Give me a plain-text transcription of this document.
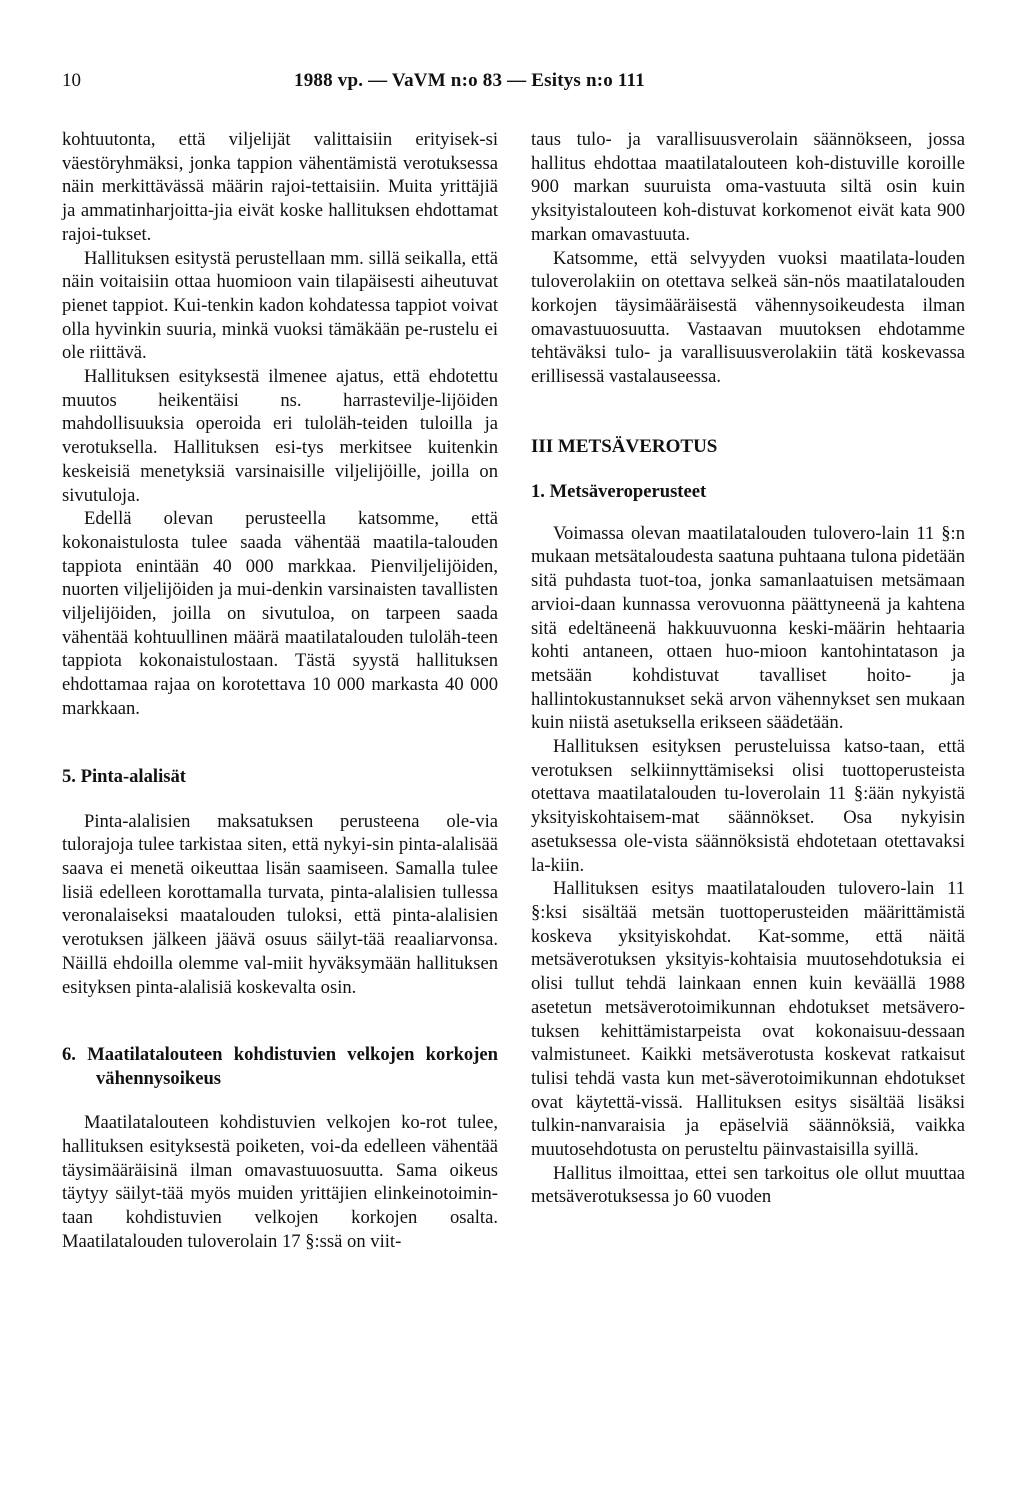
10	1988 vp. — VaVM n:o 83 — Esitys n:o 111

kohtuutonta, että viljelijät valittaisiin erityisek-si väestöryhmäksi, jonka tappion vähentämistä verotuksessa näin merkittävässä määrin rajoi-tettaisiin. Muita yrittäjiä ja ammatinharjoitta-jia eivät koske hallituksen ehdottamat rajoi-tukset.

Hallituksen esitystä perustellaan mm. sillä seikalla, että näin voitaisiin ottaa huomioon vain tilapäisesti aiheutuvat pienet tappiot. Kui-tenkin kadon kohdatessa tappiot voivat olla hyvinkin suuria, minkä vuoksi tämäkään pe-rustelu ei ole riittävä.

Hallituksen esityksestä ilmenee ajatus, että ehdotettu muutos heikentäisi ns. harrastevilje-lijöiden mahdollisuuksia operoida eri tuloläh-teiden tuloilla ja verotuksella. Hallituksen esi-tys merkitsee kuitenkin keskeisiä menetyksiä varsinaisille viljelijöille, joilla on sivutuloja.

Edellä olevan perusteella katsomme, että kokonaistulosta tulee saada vähentää maatila-talouden tappiota enintään 40 000 markkaa. Pienviljelijöiden, nuorten viljelijöiden ja mui-denkin varsinaisten tavallisten viljelijöiden, joilla on sivutuloa, on tarpeen saada vähentää kohtuullinen määrä maatilatalouden tuloläh-teen tappiota kokonaistulostaan. Tästä syystä hallituksen ehdottamaa rajaa on korotettava 10 000 markasta 40 000 markkaan.

5. Pinta-alalisät

Pinta-alalisien maksatuksen perusteena ole-via tulorajoja tulee tarkistaa siten, että nykyi-sin pinta-alalisää saava ei menetä oikeuttaa lisän saamiseen. Samalla tulee lisiä edelleen korottamalla turvata, pinta-alalisien tullessa veronalaiseksi maatalouden tuloksi, että pinta-alalisien verotuksen jälkeen jäävä osuus säilyt-tää reaaliarvonsa. Näillä ehdoilla olemme val-miit hyväksymään hallituksen esityksen pinta-alalisiä koskevalta osin.

6. Maatilatalouteen kohdistuvien velkojen korkojen vähennysoikeus

Maatilatalouteen kohdistuvien velkojen ko-rot tulee, hallituksen esityksestä poiketen, voi-da edelleen vähentää täysimääräisinä ilman omavastuuosuutta. Sama oikeus täytyy säilyt-tää myös muiden yrittäjien elinkeinotoimin-taan kohdistuvien velkojen korkojen osalta. Maatilatalouden tuloverolain 17 §:ssä on viit-

taus tulo- ja varallisuusverolain säännökseen, jossa hallitus ehdottaa maatilatalouteen koh-distuville koroille 900 markan suuruista oma-vastuuta siltä osin kuin yksityistalouteen koh-distuvat korkomenot eivät kata 900 markan omavastuuta.

Katsomme, että selvyyden vuoksi maatilata-louden tuloverolakiin on otettava selkeä sän-nös maatilatalouden korkojen täysimääräisestä vähennysoikeudesta ilman omavastuuosuutta. Vastaavan muutoksen ehdotamme tehtäväksi tulo- ja varallisuusverolakiin tätä koskevassa erillisessä vastalauseessa.

III METSÄVEROTUS
1. Metsäveroperusteet

Voimassa olevan maatilatalouden tulovero-lain 11 §:n mukaan metsätaloudesta saatuna puhtaana tulona pidetään sitä puhdasta tuot-toa, jonka samanlaatuisen metsämaan arvioi-daan kunnassa verovuonna päättyneenä ja kahtena sitä edeltäneenä hakkuuvuonna keski-määrin hehtaaria kohti antaneen, ottaen huo-mioon kantohintatason ja metsään kohdistuvat tavalliset hoito- ja hallintokustannukset sekä arvon vähennykset sen mukaan kuin niistä asetuksella erikseen säädetään.

Hallituksen esityksen perusteluissa katso-taan, että verotuksen selkiinnyttämiseksi olisi tuottoperusteista otettava maatilatalouden tu-loverolain 11 §:ään nykyistä yksityiskohtaisem-mat säännökset. Osa nykyisin asetuksessa ole-vista säännöksistä ehdotetaan otettavaksi la-kiin.

Hallituksen esitys maatilatalouden tulovero-lain 11 §:ksi sisältää metsän tuottoperusteiden määrittämistä koskeva yksityiskohdat. Kat-somme, että näitä metsäverotuksen yksityis-kohtaisia muutosehdotuksia ei olisi tullut tehdä lainkaan ennen kuin keväällä 1988 asetetun metsäverotoimikunnan ehdotukset metsävero-tuksen kehittämistarpeista ovat kokonaisuu-dessaan valmistuneet. Kaikki metsäverotusta koskevat ratkaisut tulisi tehdä vasta kun met-säverotoimikunnan ehdotukset ovat käytettä-vissä. Hallituksen esitys sisältää lisäksi tulkin-nanvaraisia ja epäselviä säännöksiä, vaikka muutosehdotusta on perusteltu päinvastaisilla syillä.

Hallitus ilmoittaa, ettei sen tarkoitus ole ollut muuttaa metsäverotuksessa jo 60 vuoden
